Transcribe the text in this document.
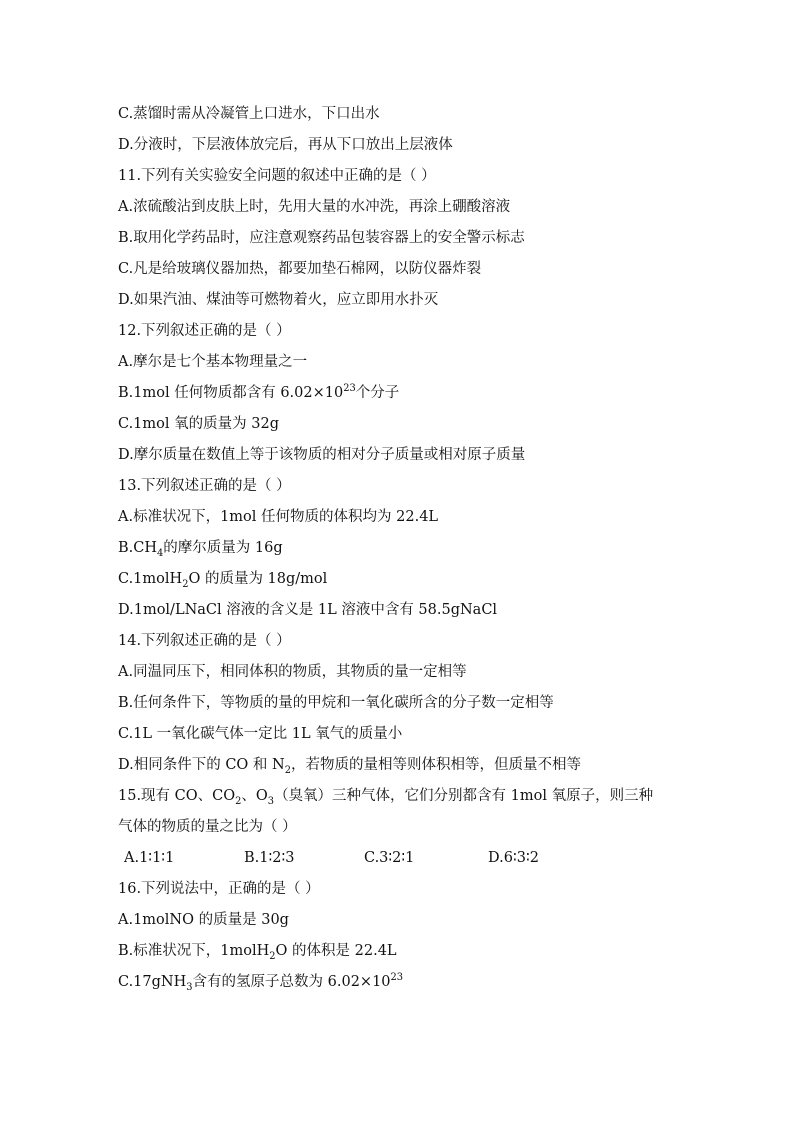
C.蒸馏时需从冷凝管上口进水，下口出水
D.分液时，下层液体放完后，再从下口放出上层液体
11.下列有关实验安全问题的叙述中正确的是（ ）
A.浓硫酸沾到皮肤上时，先用大量的水冲洗，再涂上硼酸溶液
B.取用化学药品时，应注意观察药品包装容器上的安全警示标志
C.凡是给玻璃仪器加热，都要加垫石棉网，以防仪器炸裂
D.如果汽油、煤油等可燃物着火，应立即用水扑灭
12.下列叙述正确的是（ ）
A.摩尔是七个基本物理量之一
B.1mol 任何物质都含有 $6.02\times 10^{23}$个分子
C.1mol 氧的质量为 32g
D.摩尔质量在数值上等于该物质的相对分子质量或相对原子质量
13.下列叙述正确的是（ ）
A.标准状况下，1mol 任何物质的体积均为 22.4L
$B.CH_4$的摩尔质量为 16g
C.1molH$_2$O 的质量为 18g/mol
D.1mol/LNaCl 溶液的含义是 1L 溶液中含有 58.5gNaCl
14.下列叙述正确的是（ ）
A.同温同压下，相同体积的物质，其物质的量一定相等
B.任何条件下，等物质的量的甲烷和一氧化碳所含的分子数一定相等
C.1L 一氧化碳气体一定比 1L 氧气的质量小
D.相同条件下的 CO 和 $N_2$，若物质的量相等则体积相等，但质量不相等
15.现有 CO、$CO_2$、$O_3$（臭氧）三种气体，它们分别都含有 1mol 氧原子，则三种
气体的物质的量之比为（ ）
A.1∶1∶1	B.1∶2∶3	C.3∶2∶1	D.6∶3∶2
16.下列说法中，正确的是（ ）
A.1molNO 的质量是 30g
B.标准状况下，1molH$_2$O 的体积是 22.4L
C.17gNH$_3$含有的氢原子总数为 $6.02\times 10^{23}$
